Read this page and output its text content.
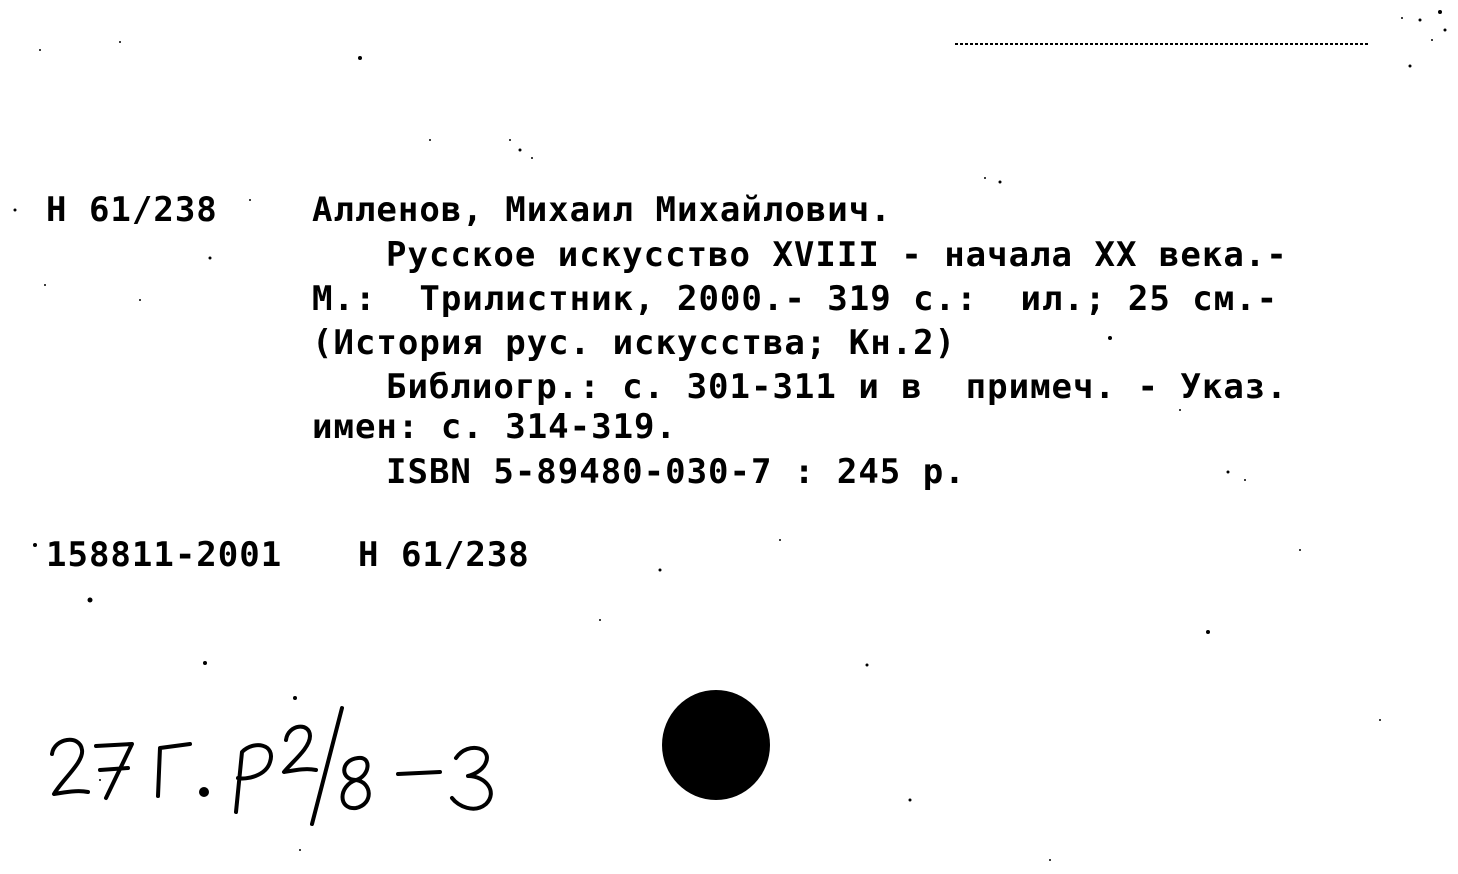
Н 61/238	Алленов, Михаил Михайлович.
Русское искусство XVIII - начала XX века.-
М.:  Трилистник, 2000.- 319 с.:  ил.; 25 см.-
(История рус. искусства; Кн.2)
Библиогр.: с. 301-311 и в  примеч. - Указ.
имен: с. 314-319.
ISBN 5-89480-030-7 : 245 р.
158811-2001 Н 61/238
27Г. Р2/8-3
